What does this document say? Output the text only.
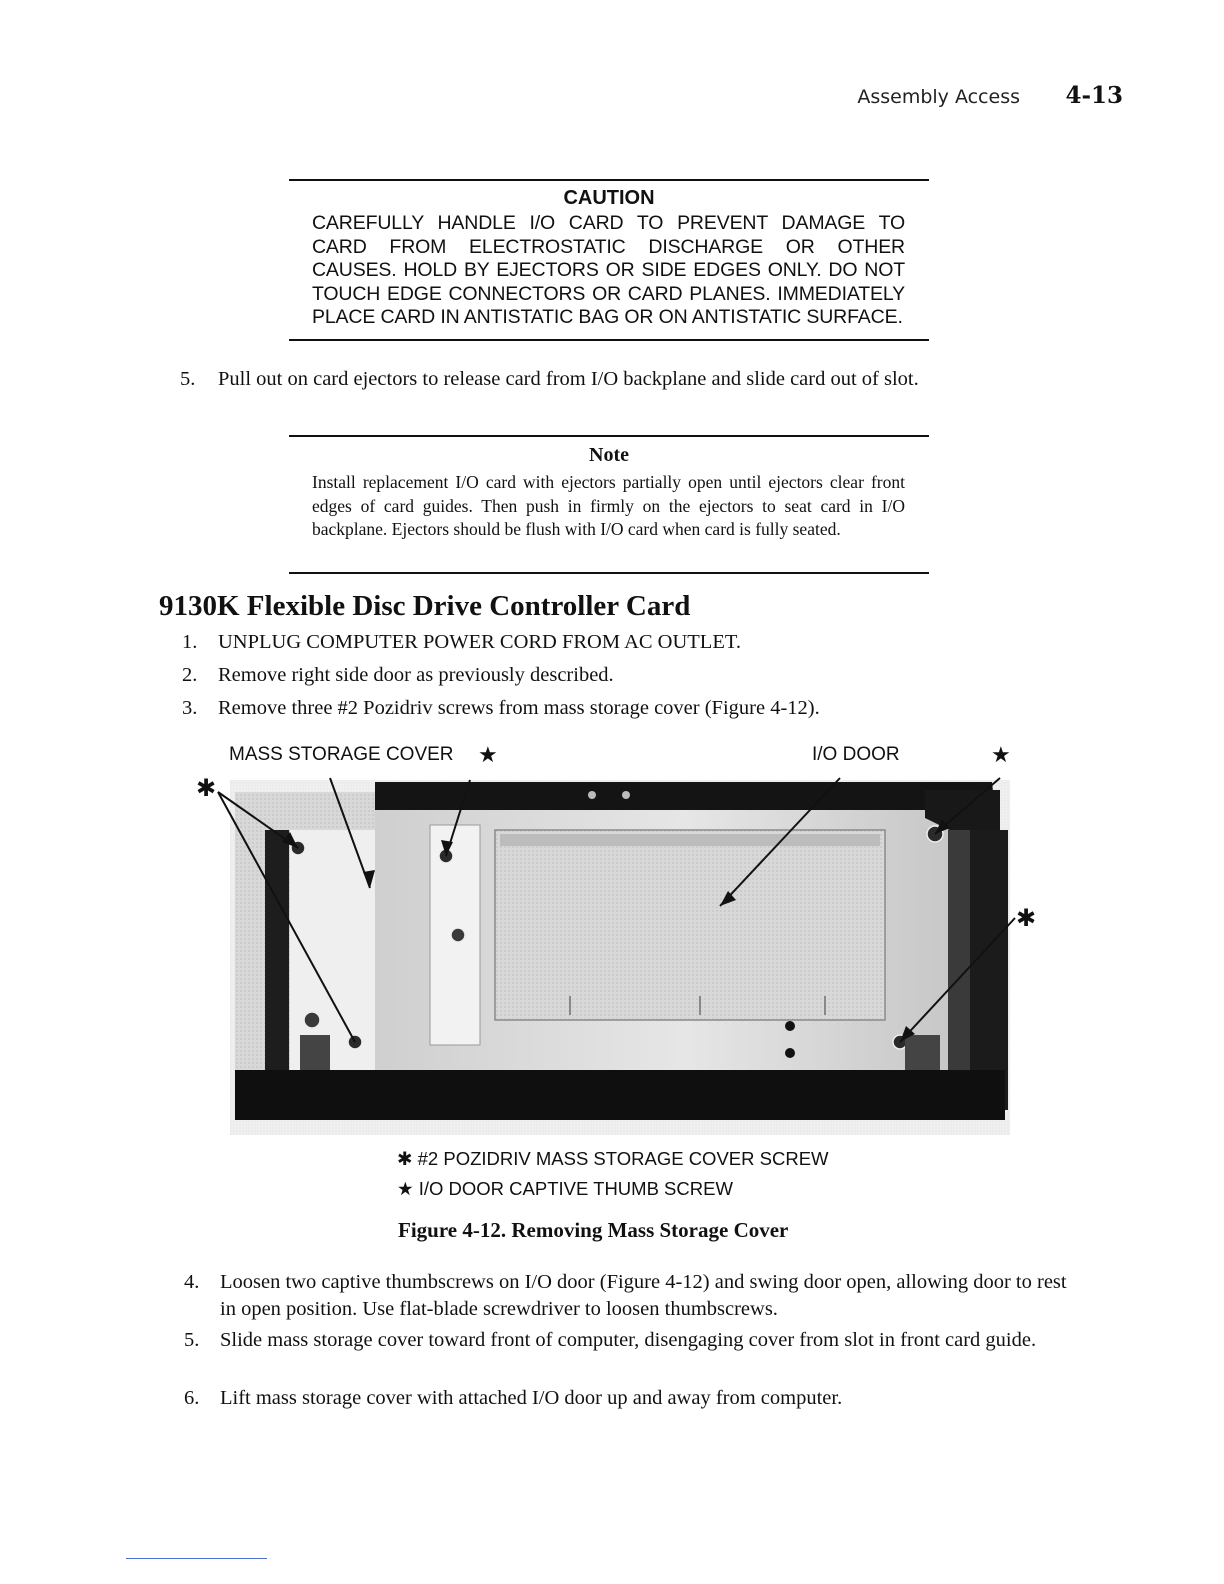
Assembly Access 4-13
CAUTION
CAREFULLY HANDLE I/O CARD TO PREVENT DAMAGE TO CARD FROM ELECTROSTATIC DISCHARGE OR OTHER CAUSES. HOLD BY EJECTORS OR SIDE EDGES ONLY. DO NOT TOUCH EDGE CONNECTORS OR CARD PLANES. IMMEDIATELY PLACE CARD IN ANTISTATIC BAG OR ON ANTISTATIC SURFACE.
5.	Pull out on card ejectors to release card from I/O backplane and slide card out of slot.
Note
Install replacement I/O card with ejectors partially open until ejectors clear front edges of card guides. Then push in firmly on the ejectors to seat card in I/O backplane. Ejectors should be flush with I/O card when card is fully seated.
9130K Flexible Disc Drive Controller Card
1.	UNPLUG COMPUTER POWER CORD FROM AC OUTLET.
2.	Remove right side door as previously described.
3.	Remove three #2 Pozidriv screws from mass storage cover (Figure 4-12).
MASS STORAGE COVER	I/O DOOR
★	★
✱
✱
✱ #2 POZIDRIV MASS STORAGE COVER SCREW
★ I/O DOOR CAPTIVE THUMB SCREW
Figure 4-12. Removing Mass Storage Cover
4.	Loosen two captive thumbscrews on I/O door (Figure 4-12) and swing door open, allowing door to rest in open position. Use flat-blade screwdriver to loosen thumbscrews.
5.	Slide mass storage cover toward front of computer, disengaging cover from slot in front card guide.
6.	Lift mass storage cover with attached I/O door up and away from computer.
